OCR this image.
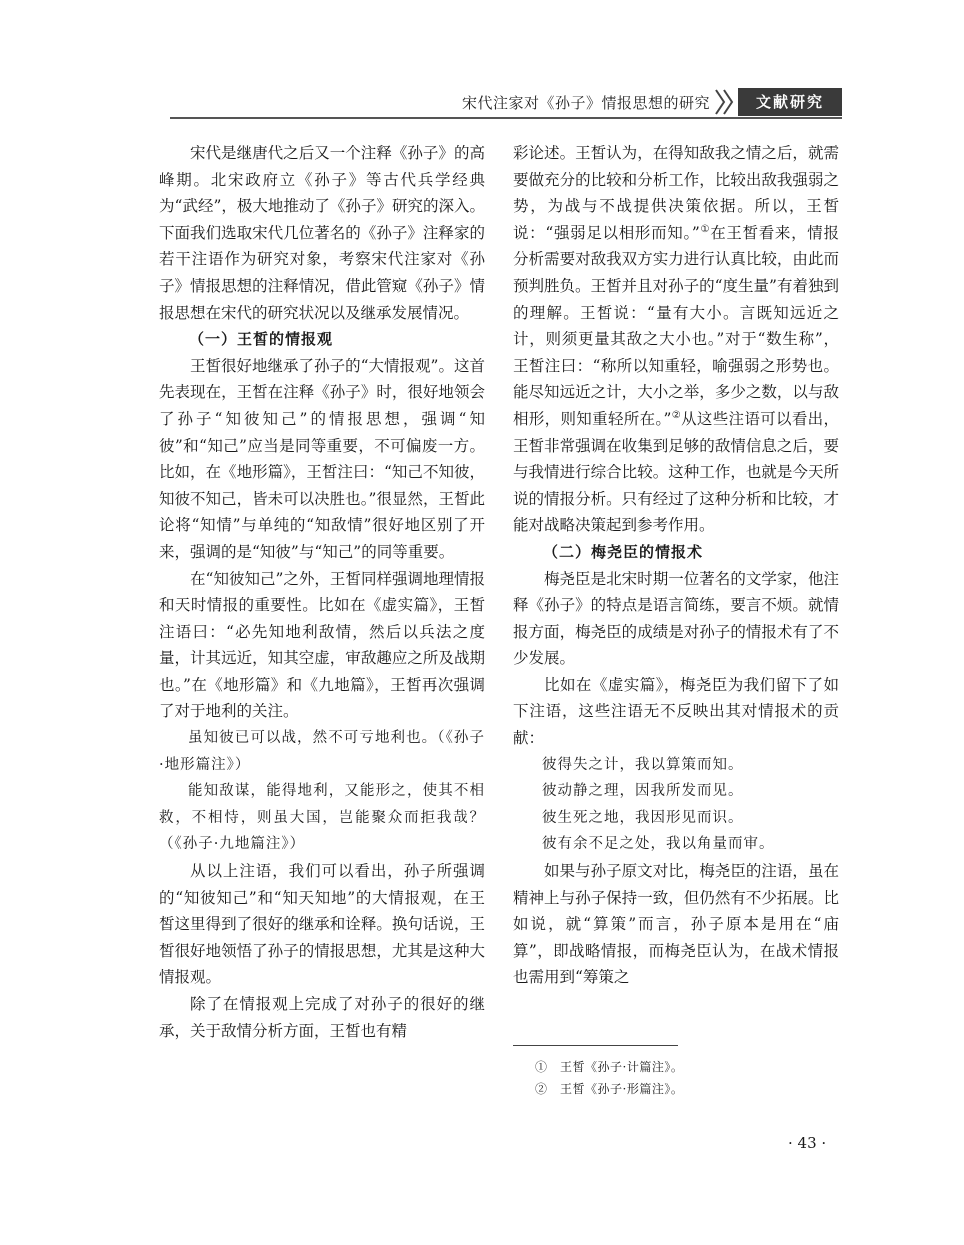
宋代注家对《孙子》情报思想的研究	文献研究

宋代是继唐代之后又一个注释《孙子》的高峰期。北宋政府立《孙子》等古代兵学经典为“武经”，极大地推动了《孙子》研究的深入。下面我们选取宋代几位著名的《孙子》注释家的若干注语作为研究对象，考察宋代注家对《孙子》情报思想的注释情况，借此管窥《孙子》情报思想在宋代的研究状况以及继承发展情况。

（一）王皙的情报观

王皙很好地继承了孙子的“大情报观”。这首先表现在，王皙在注释《孙子》时，很好地领会了孙子“知彼知己”的情报思想，强调“知彼”和“知己”应当是同等重要，不可偏废一方。比如，在《地形篇》，王皙注曰：“知己不知彼，知彼不知己，皆未可以决胜也。”很显然，王皙此论将“知情”与单纯的“知敌情”很好地区别了开来，强调的是“知彼”与“知己”的同等重要。

在“知彼知己”之外，王皙同样强调地理情报和天时情报的重要性。比如在《虚实篇》，王皙注语曰：“必先知地利敌情，然后以兵法之度量，计其远近，知其空虚，审敌趣应之所及战期也。”在《地形篇》和《九地篇》，王皙再次强调了对于地利的关注。

虽知彼已可以战，然不可亏地利也。（《孙子·地形篇注》）

能知敌谋，能得地利，又能形之，使其不相救，不相恃，则虽大国，岂能聚众而拒我哉？（《孙子·九地篇注》）

从以上注语，我们可以看出，孙子所强调的“知彼知己”和“知天知地”的大情报观，在王皙这里得到了很好的继承和诠释。换句话说，王皙很好地领悟了孙子的情报思想，尤其是这种大情报观。

除了在情报观上完成了对孙子的很好的继承，关于敌情分析方面，王皙也有精

彩论述。王皙认为，在得知敌我之情之后，就需要做充分的比较和分析工作，比较出敌我强弱之势，为战与不战提供决策依据。所以，王皙说：“强弱足以相形而知。”①在王皙看来，情报分析需要对敌我双方实力进行认真比较，由此而预判胜负。王皙并且对孙子的“度生量”有着独到的理解。王皙说：“量有大小。言既知远近之计，则须更量其敌之大小也。”对于“数生称”，王皙注曰：“称所以知重轻，喻强弱之形势也。能尽知远近之计，大小之举，多少之数，以与敌相形，则知重轻所在。”②从这些注语可以看出，王皙非常强调在收集到足够的敌情信息之后，要与我情进行综合比较。这种工作，也就是今天所说的情报分析。只有经过了这种分析和比较，才能对战略决策起到参考作用。

（二）梅尧臣的情报术

梅尧臣是北宋时期一位著名的文学家，他注释《孙子》的特点是语言简练，要言不烦。就情报方面，梅尧臣的成绩是对孙子的情报术有了不少发展。

比如在《虚实篇》，梅尧臣为我们留下了如下注语，这些注语无不反映出其对情报术的贡献：

彼得失之计，我以算策而知。

彼动静之理，因我所发而见。

彼生死之地，我因形见而识。

彼有余不足之处，我以角量而审。

如果与孙子原文对比，梅尧臣的注语，虽在精神上与孙子保持一致，但仍然有不少拓展。比如说，就“算策”而言，孙子原本是用在“庙算”，即战略情报，而梅尧臣认为，在战术情报也需用到“筹策之

①　王皙《孙子·计篇注》。

②　王皙《孙子·形篇注》。

· 43 ·
